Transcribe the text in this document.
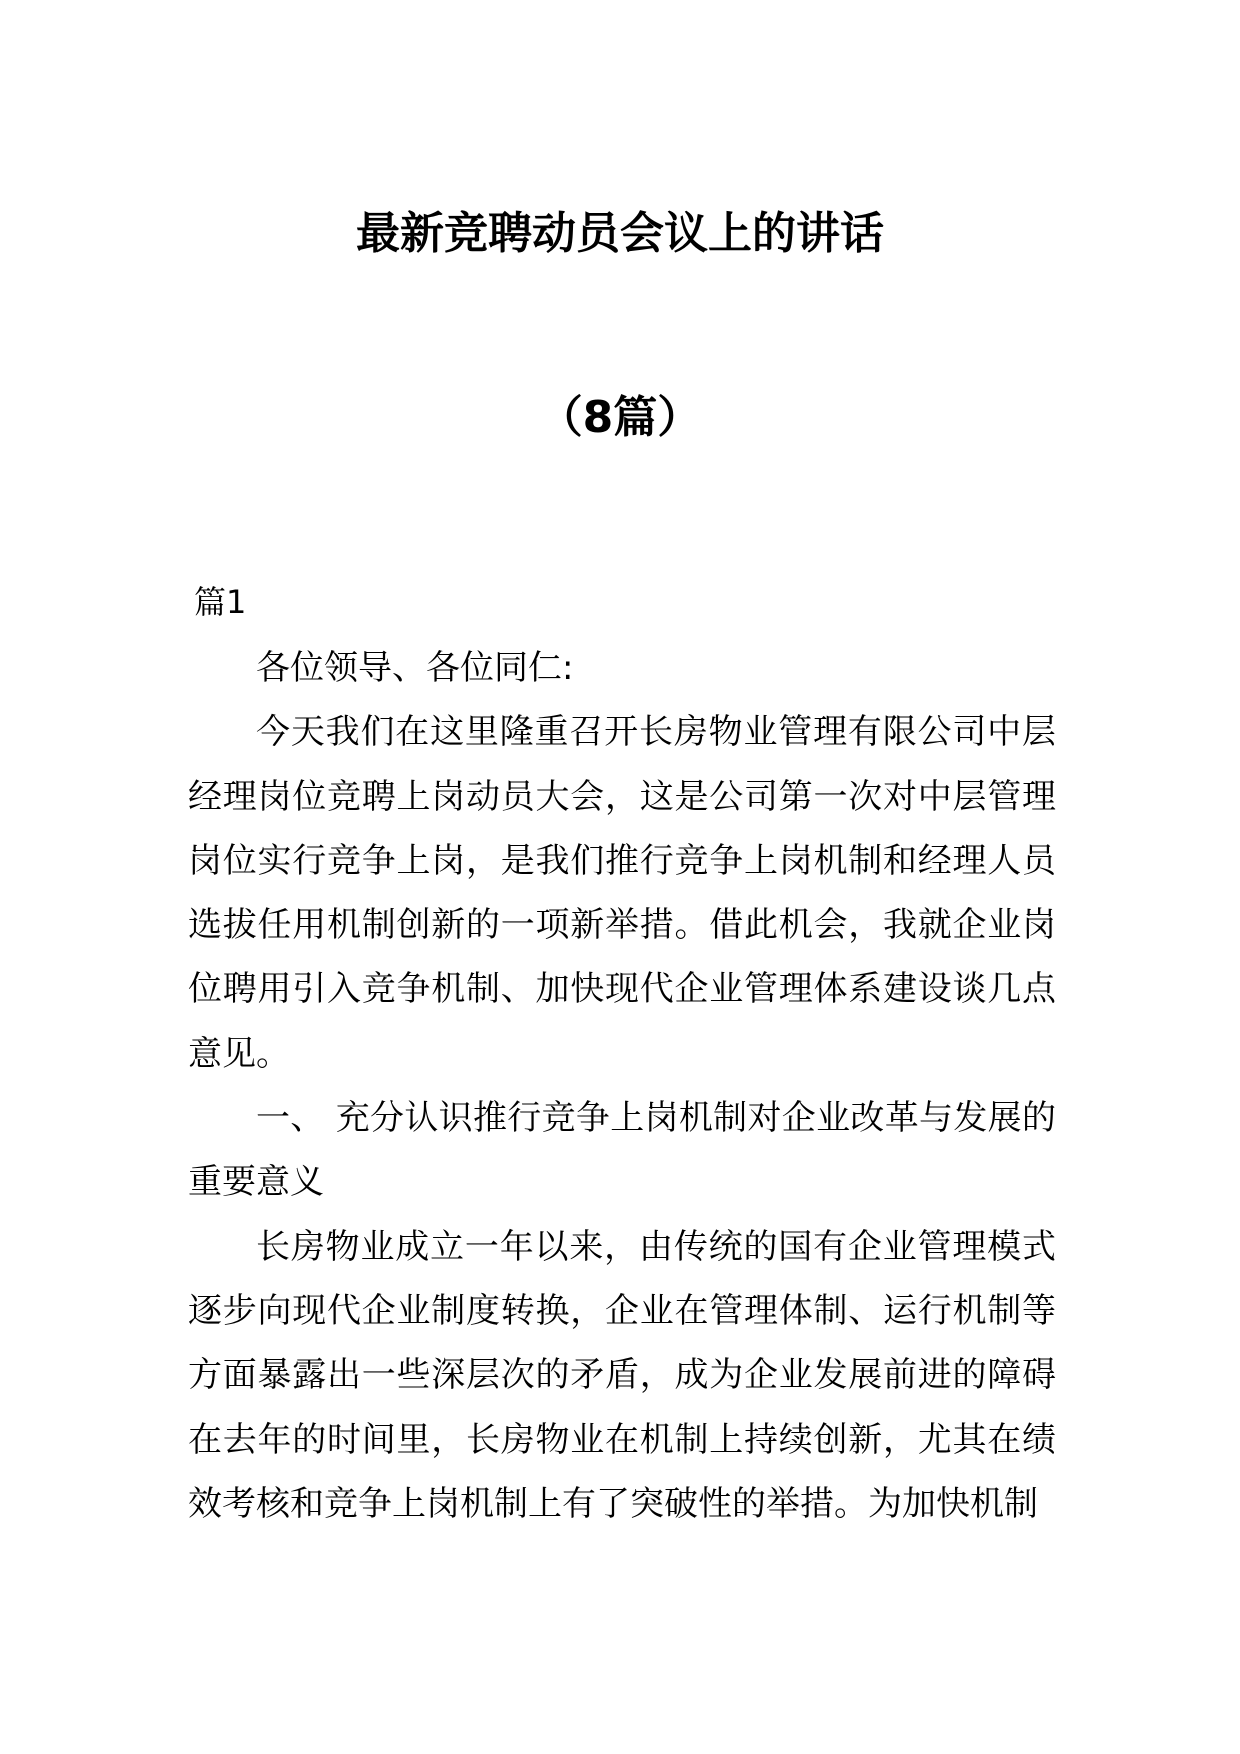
最新竞聘动员会议上的讲话
（8篇）
篇1

各位领导、各位同仁:

今天我们在这里隆重召开长房物业管理有限公司中层经理岗位竞聘上岗动员大会，这是公司第一次对中层管理岗位实行竞争上岗，是我们推行竞争上岗机制和经理人员选拔任用机制创新的一项新举措。借此机会，我就企业岗位聘用引入竞争机制、加快现代企业管理体系建设谈几点意见。

一、 充分认识推行竞争上岗机制对企业改革与发展的重要意义

长房物业成立一年以来，由传统的国有企业管理模式逐步向现代企业制度转换，企业在管理体制、运行机制等方面暴露出一些深层次的矛盾，成为企业发展前进的障碍在去年的时间里，长房物业在机制上持续创新，尤其在绩效考核和竞争上岗机制上有了突破性的举措。为加快机制
